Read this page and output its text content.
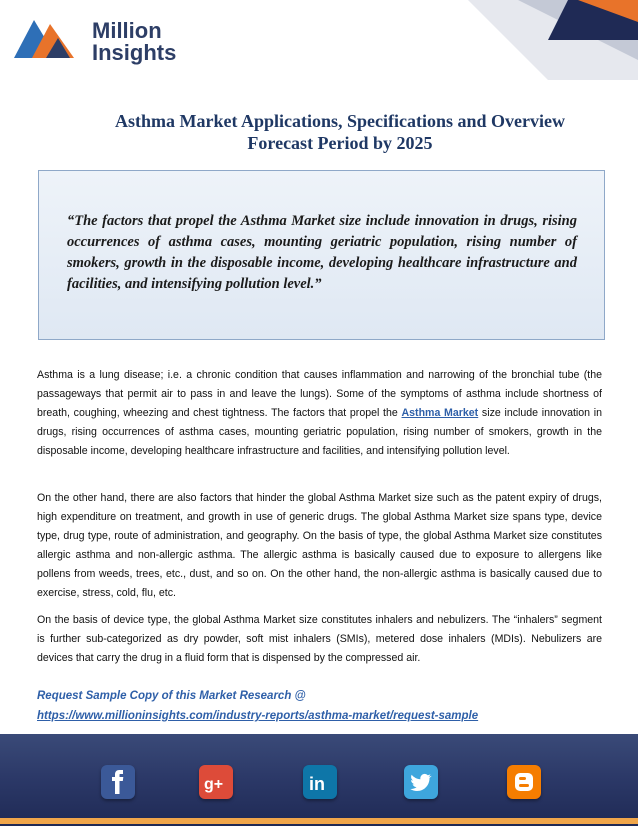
Million
Insights
Asthma Market Applications, Specifications and Overview
Forecast Period by 2025
“The factors that propel the Asthma Market size include innovation in drugs, rising occurrences of asthma cases, mounting geriatric population, rising number of smokers, growth in the disposable income, developing healthcare infrastructure and facilities, and intensifying pollution level.”

Asthma is a lung disease; i.e. a chronic condition that causes inflammation and narrowing of the bronchial tube (the passageways that permit air to pass in and leave the lungs). Some of the symptoms of asthma include shortness of breath, coughing, wheezing and chest tightness. The factors that propel the Asthma Market size include innovation in drugs, rising occurrences of asthma cases, mounting geriatric population, rising number of smokers, growth in the disposable income, developing healthcare infrastructure and facilities, and intensifying pollution level.

On the other hand, there are also factors that hinder the global Asthma Market size such as the patent expiry of drugs, high expenditure on treatment, and growth in use of generic drugs. The global Asthma Market size spans type, device type, drug type, route of administration, and geography. On the basis of type, the global Asthma Market size constitutes allergic asthma and non-allergic asthma. The allergic asthma is basically caused due to exposure to allergens like pollens from weeds, trees, etc., dust, and so on. On the other hand, the non-allergic asthma is basically caused due to exercise, stress, cold, flu, etc.

On the basis of device type, the global Asthma Market size constitutes inhalers and nebulizers. The “inhalers” segment is further sub-categorized as dry powder, soft mist inhalers (SMIs), metered dose inhalers (MDIs). Nebulizers are devices that carry the drug in a fluid form that is dispensed by the compressed air.

Request Sample Copy of this Market Research @
https://www.millioninsights.com/industry-reports/asthma-market/request-sample
g+	in
